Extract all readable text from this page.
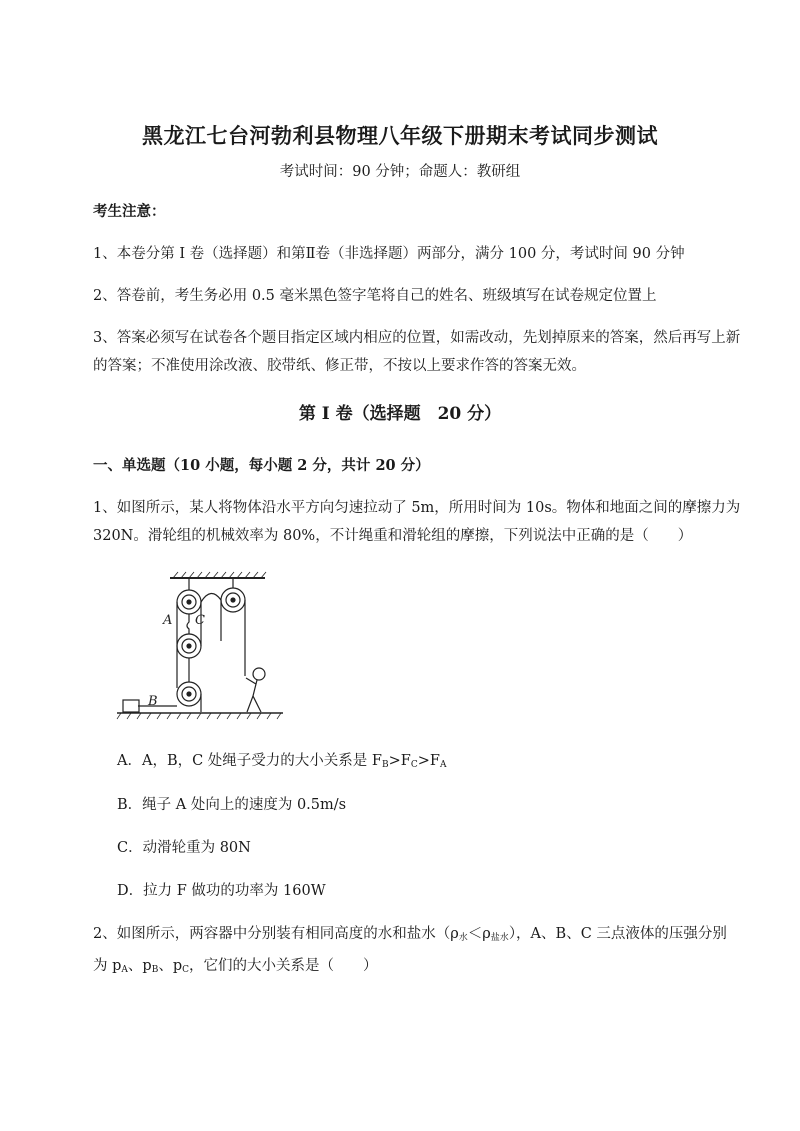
黑龙江七台河勃利县物理八年级下册期末考试同步测试
考试时间：90 分钟；命题人：教研组
考生注意：
1、本卷分第 I 卷（选择题）和第Ⅱ卷（非选择题）两部分，满分 100 分，考试时间 90 分钟
2、答卷前，考生务必用 0.5 毫米黑色签字笔将自己的姓名、班级填写在试卷规定位置上
3、答案必须写在试卷各个题目指定区域内相应的位置，如需改动，先划掉原来的答案，然后再写上新的答案；不准使用涂改液、胶带纸、修正带，不按以上要求作答的答案无效。
第 I 卷（选择题　20 分）
一、单选题（10 小题，每小题 2 分，共计 20 分）
1、如图所示，某人将物体沿水平方向匀速拉动了 5m，所用时间为 10s。物体和地面之间的摩擦力为 320N。滑轮组的机械效率为 80%，不计绳重和滑轮组的摩擦，下列说法中正确的是（　　）
A C
B
A．A，B，C 处绳子受力的大小关系是 $F_B>F_C>F_A$
B．绳子 A 处向上的速度为 0.5m/s
C．动滑轮重为 80N
D．拉力 F 做功的功率为 160W
2、如图所示，两容器中分别装有相同高度的水和盐水$(\rho_水<\rho_{盐水})$，A、B、C 三点液体的压强分别
为 $p_A$、$p_B$、$p_C$，它们的大小关系是（　　）
